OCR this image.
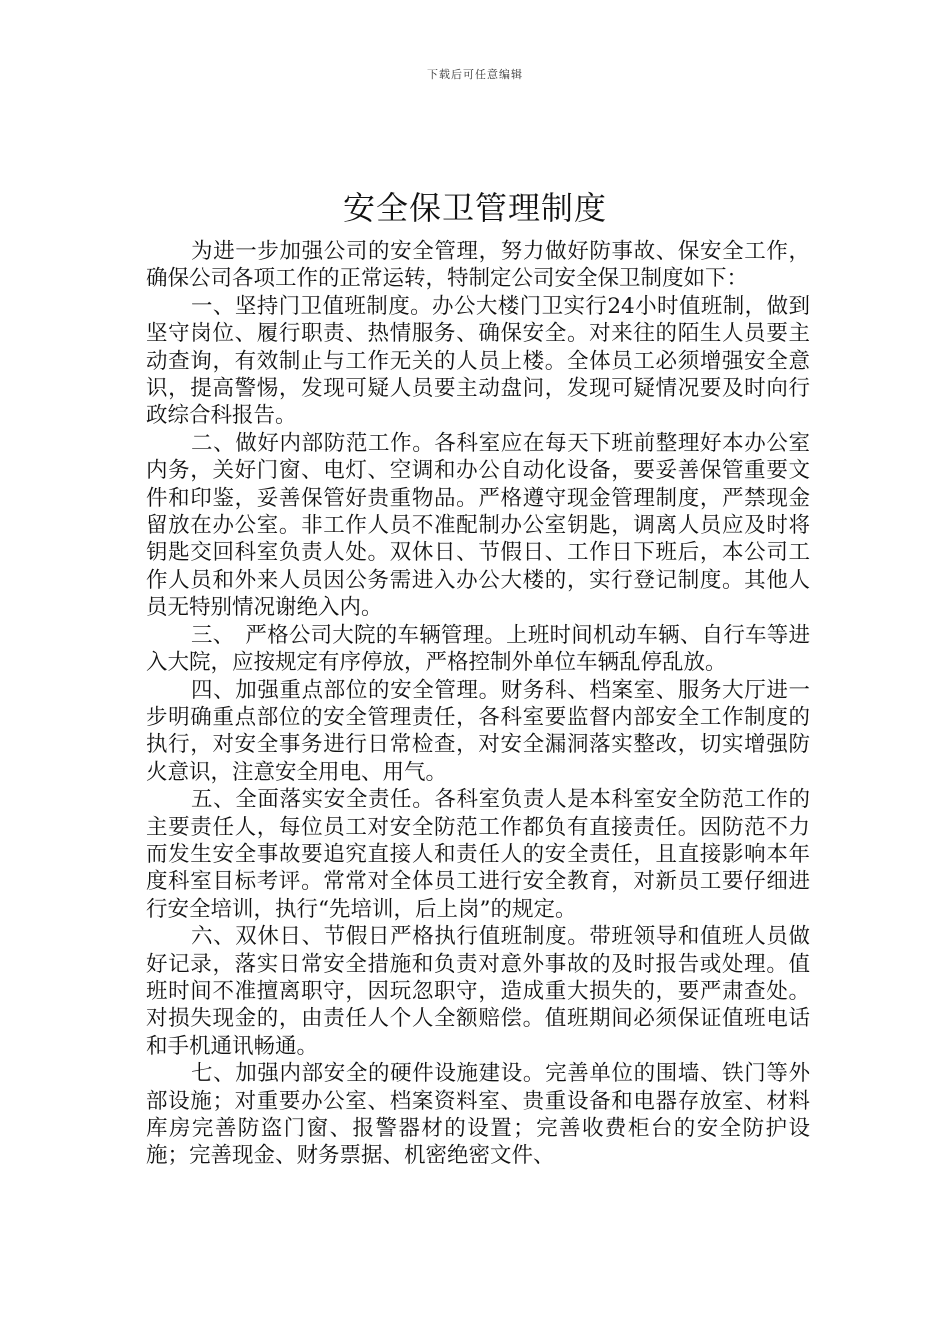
下载后可任意编辑
安全保卫管理制度

为进一步加强公司的安全管理，努力做好防事故、保安全工作，确保公司各项工作的正常运转，特制定公司安全保卫制度如下：

一、坚持门卫值班制度。办公大楼门卫实行24小时值班制，做到坚守岗位、履行职责、热情服务、确保安全。对来往的陌生人员要主动查询，有效制止与工作无关的人员上楼。全体员工必须增强安全意识，提高警惕，发现可疑人员要主动盘问，发现可疑情况要及时向行政综合科报告。

二、做好内部防范工作。各科室应在每天下班前整理好本办公室内务，关好门窗、电灯、空调和办公自动化设备，要妥善保管重要文件和印鉴，妥善保管好贵重物品。严格遵守现金管理制度，严禁现金留放在办公室。非工作人员不准配制办公室钥匙，调离人员应及时将钥匙交回科室负责人处。双休日、节假日、工作日下班后，本公司工作人员和外来人员因公务需进入办公大楼的，实行登记制度。其他人员无特别情况谢绝入内。

三、　严格公司大院的车辆管理。上班时间机动车辆、自行车等进入大院，应按规定有序停放，严格控制外单位车辆乱停乱放。

四、加强重点部位的安全管理。财务科、档案室、服务大厅进一步明确重点部位的安全管理责任，各科室要监督内部安全工作制度的执行，对安全事务进行日常检查，对安全漏洞落实整改，切实增强防火意识，注意安全用电、用气。

五、全面落实安全责任。各科室负责人是本科室安全防范工作的主要责任人，每位员工对安全防范工作都负有直接责任。因防范不力而发生安全事故要追究直接人和责任人的安全责任，且直接影响本年度科室目标考评。常常对全体员工进行安全教育，对新员工要仔细进行安全培训，执行“先培训，后上岗”的规定。

六、双休日、节假日严格执行值班制度。带班领导和值班人员做好记录，落实日常安全措施和负责对意外事故的及时报告或处理。值班时间不准擅离职守，因玩忽职守，造成重大损失的，要严肃查处。对损失现金的，由责任人个人全额赔偿。值班期间必须保证值班电话和手机通讯畅通。

七、加强内部安全的硬件设施建设。完善单位的围墙、铁门等外部设施；对重要办公室、档案资料室、贵重设备和电器存放室、材料库房完善防盗门窗、报警器材的设置；完善收费柜台的安全防护设施；完善现金、财务票据、机密绝密文件、
